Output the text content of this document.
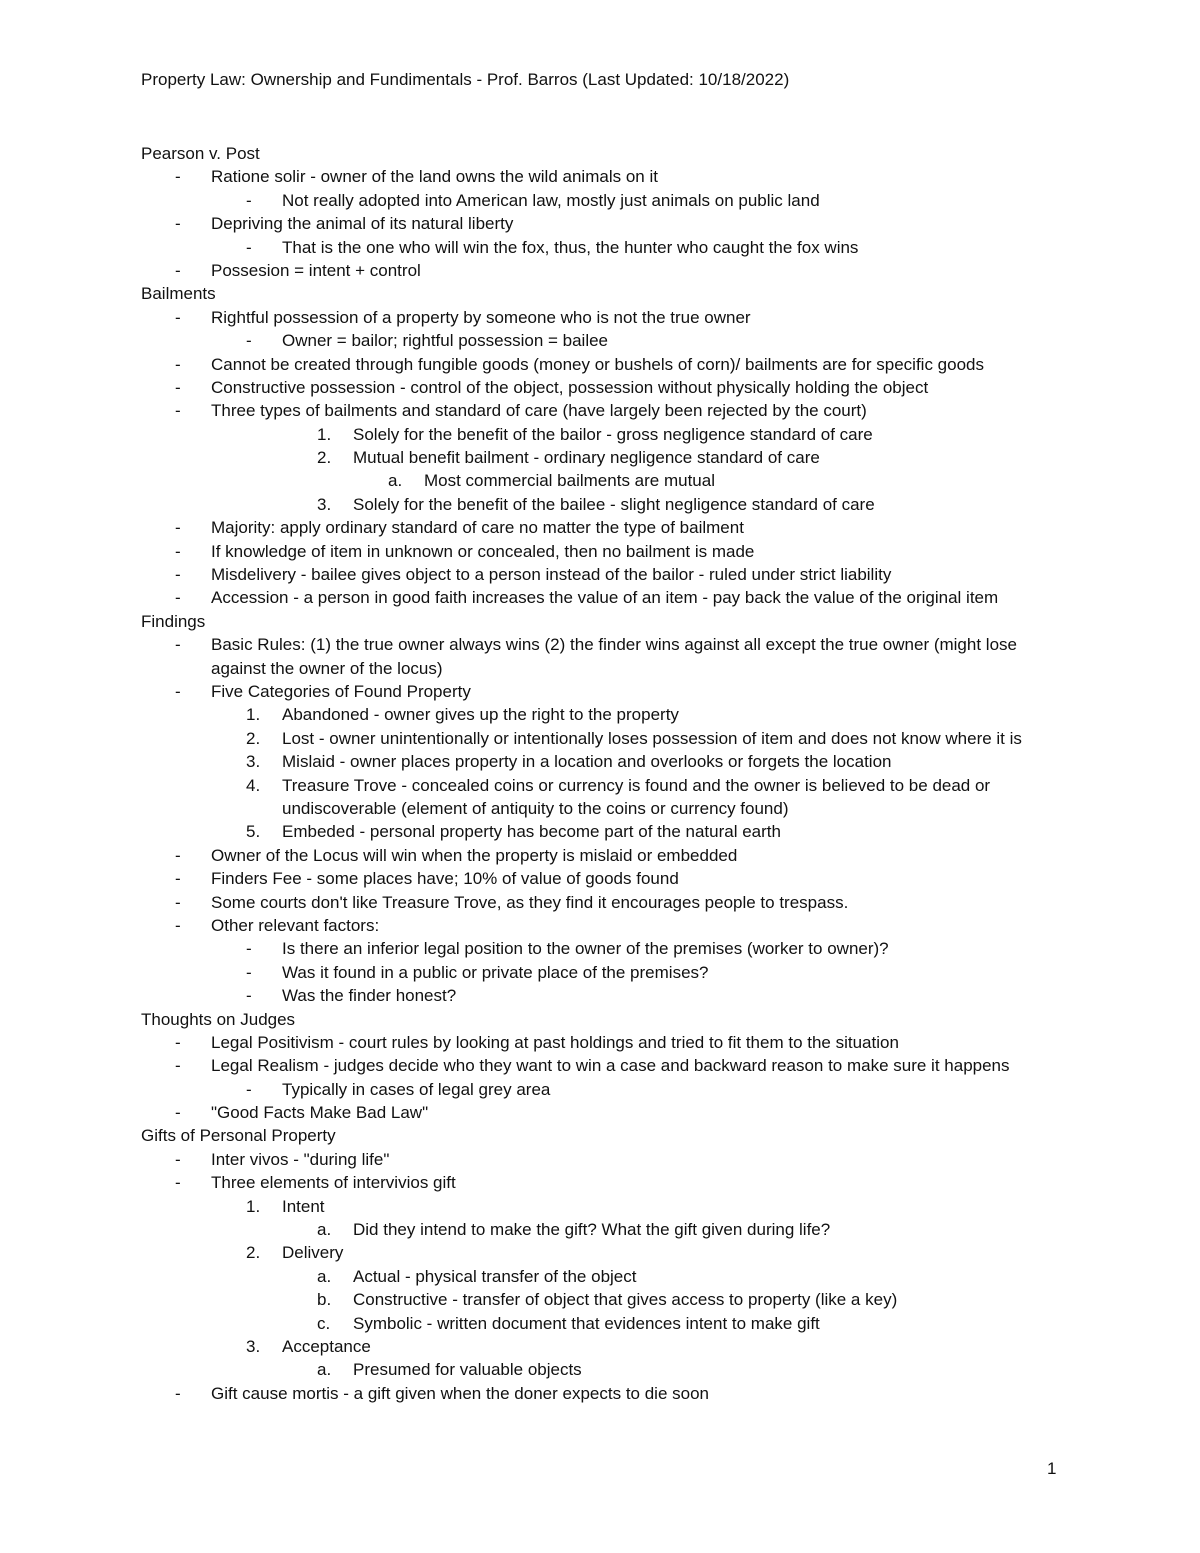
Property Law: Ownership and Fundimentals - Prof. Barros (Last Updated: 10/18/2022)
Pearson v. Post
- Ratione solir - owner of the land owns the wild animals on it
- Not really adopted into American law, mostly just animals on public land
- Depriving the animal of its natural liberty
- That is the one who will win the fox, thus, the hunter who caught the fox wins
- Possesion = intent + control
Bailments
- Rightful possession of a property by someone who is not the true owner
- Owner = bailor; rightful possession = bailee
- Cannot be created through fungible goods (money or bushels of corn)/ bailments are for specific goods
- Constructive possession - control of the object, possession without physically holding the object
- Three types of bailments and standard of care (have largely been rejected by the court)
1. Solely for the benefit of the bailor - gross negligence standard of care
2. Mutual benefit bailment - ordinary negligence standard of care
a. Most commercial bailments are mutual
3. Solely for the benefit of the bailee - slight negligence standard of care
- Majority: apply ordinary standard of care no matter the type of bailment
- If knowledge of item in unknown or concealed, then no bailment is made
- Misdelivery - bailee gives object to a person instead of the bailor - ruled under strict liability
- Accession - a person in good faith increases the value of an item - pay back the value of the original item
Findings
- Basic Rules: (1) the true owner always wins (2) the finder wins against all except the true owner (might lose against the owner of the locus)
- Five Categories of Found Property
1. Abandoned - owner gives up the right to the property
2. Lost - owner unintentionally or intentionally loses possession of item and does not know where it is
3. Mislaid - owner places property in a location and overlooks or forgets the location
4. Treasure Trove - concealed coins or currency is found and the owner is believed to be dead or undiscoverable (element of antiquity to the coins or currency found)
5. Embeded - personal property has become part of the natural earth
- Owner of the Locus will win when the property is mislaid or embedded
- Finders Fee - some places have; 10% of value of goods found
- Some courts don't like Treasure Trove, as they find it encourages people to trespass.
- Other relevant factors:
- Is there an inferior legal position to the owner of the premises (worker to owner)?
- Was it found in a public or private place of the premises?
- Was the finder honest?
Thoughts on Judges
- Legal Positivism - court rules by looking at past holdings and tried to fit them to the situation
- Legal Realism - judges decide who they want to win a case and backward reason to make sure it happens
- Typically in cases of legal grey area
- "Good Facts Make Bad Law"
Gifts of Personal Property
- Inter vivos - "during life"
- Three elements of intervivios gift
1. Intent
a. Did they intend to make the gift? What the gift given during life?
2. Delivery
a. Actual - physical transfer of the object
b. Constructive - transfer of object that gives access to property (like a key)
c. Symbolic - written document that evidences intent to make gift
3. Acceptance
a. Presumed for valuable objects
- Gift cause mortis - a gift given when the doner expects to die soon
1
